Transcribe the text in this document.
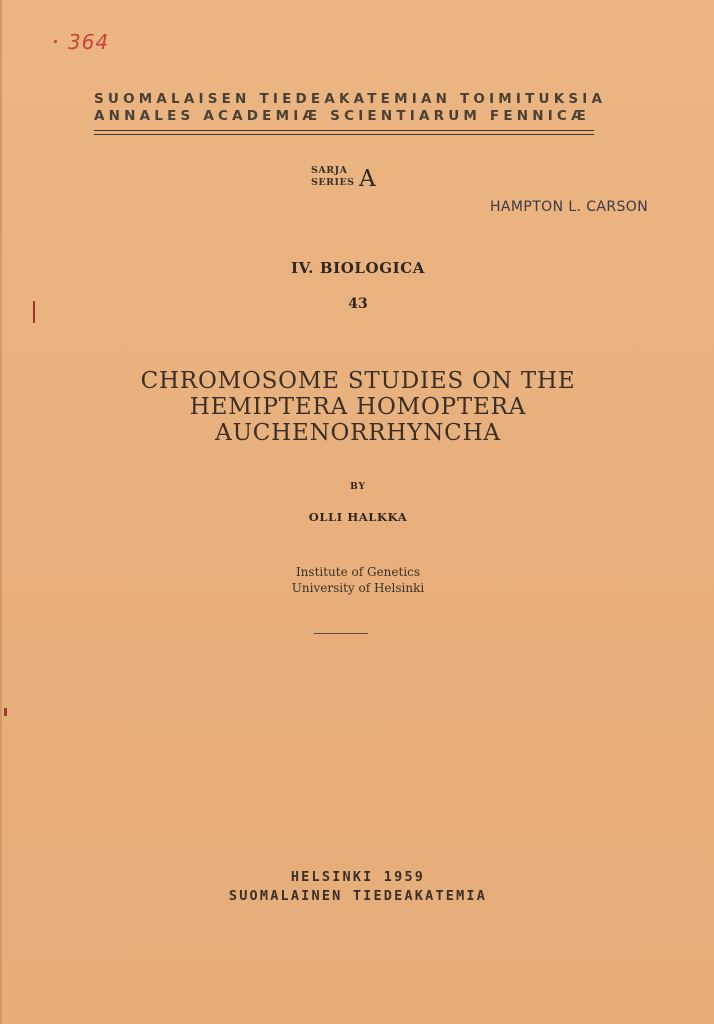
364
SUOMALAISEN TIEDEAKATEMIAN TOIMITUKSIA
ANNALES ACADEMIÆ SCIENTIARUM FENNICÆ
SARJA
SERIES A
HAMPTON L. CARSON
IV. BIOLOGICA
43
CHROMOSOME STUDIES ON THE
HEMIPTERA HOMOPTERA
AUCHENORRHYNCHA
BY
OLLI HALKKA
Institute of Genetics
University of Helsinki
HELSINKI 1959
SUOMALAINEN TIEDEAKATEMIA
